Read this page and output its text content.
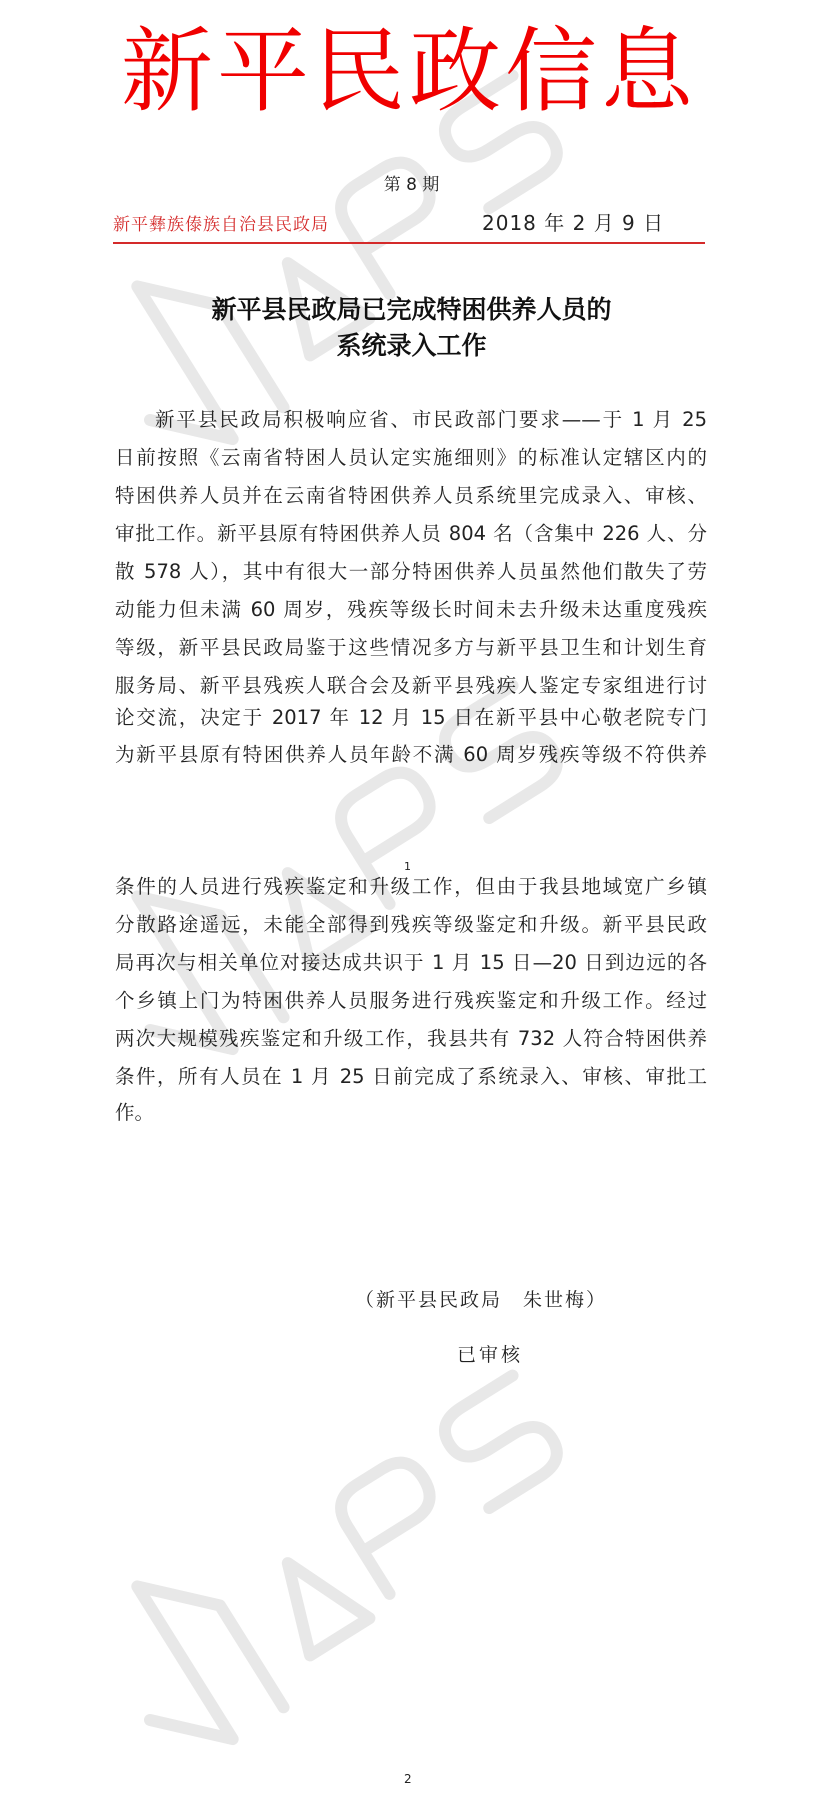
新平民政信息
第 8 期
新平彝族傣族自治县民政局	2018 年 2 月 9 日
新平县民政局已完成特困供养人员的
系统录入工作
新平县民政局积极响应省、市民政部门要求——于 1 月 25
日前按照《云南省特困人员认定实施细则》的标准认定辖区内的
特困供养人员并在云南省特困供养人员系统里完成录入、审核、
审批工作。新平县原有特困供养人员 804 名（含集中 226 人、分
散 578 人），其中有很大一部分特困供养人员虽然他们散失了劳
动能力但未满 60 周岁，残疾等级长时间未去升级未达重度残疾
等级，新平县民政局鉴于这些情况多方与新平县卫生和计划生育
服务局、新平县残疾人联合会及新平县残疾人鉴定专家组进行讨
论交流，决定于 2017 年 12 月 15 日在新平县中心敬老院专门
为新平县原有特困供养人员年龄不满 60 周岁残疾等级不符供养
1
条件的人员进行残疾鉴定和升级工作，但由于我县地域宽广乡镇
分散路途遥远，未能全部得到残疾等级鉴定和升级。新平县民政
局再次与相关单位对接达成共识于 1 月 15 日—20 日到边远的各
个乡镇上门为特困供养人员服务进行残疾鉴定和升级工作。经过
两次大规模残疾鉴定和升级工作，我县共有 732 人符合特困供养
条件，所有人员在 1 月 25 日前完成了系统录入、审核、审批工
作。
（新平县民政局　朱世梅）
已审核
2
